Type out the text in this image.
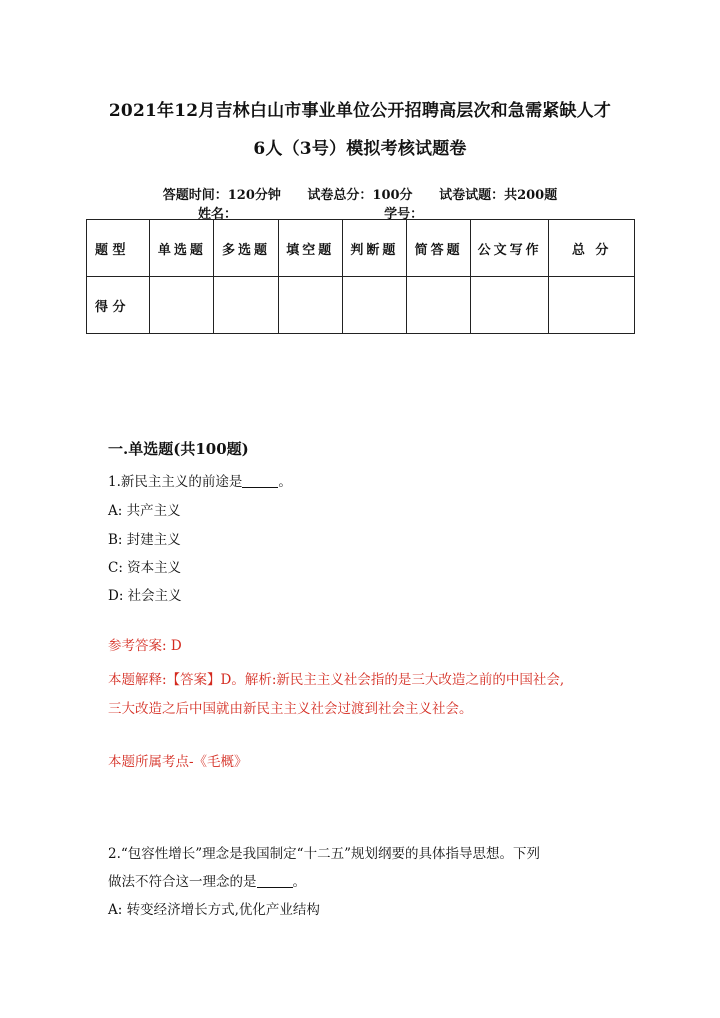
2021年12月吉林白山市事业单位公开招聘高层次和急需紧缺人才
6人（3号）模拟考核试题卷
答题时间：120分钟 试卷总分：100分 试卷试题：共200题
姓名：	学号：
题 型	单选题	多选题	填空题	判断题	简答题	公文写作	总 分
得 分							
一.单选题(共100题)
1.新民主主义的前途是	。
A: 共产主义
B: 封建主义
C: 资本主义
D: 社会主义
参考答案: D
本题解释:【答案】D。解析:新民主主义社会指的是三大改造之前的中国社会,
三大改造之后中国就由新民主主义社会过渡到社会主义社会。
本题所属考点-《毛概》
2.“包容性增长”理念是我国制定“十二五”规划纲要的具体指导思想。下列
做法不符合这一理念的是	。
A: 转变经济增长方式,优化产业结构
